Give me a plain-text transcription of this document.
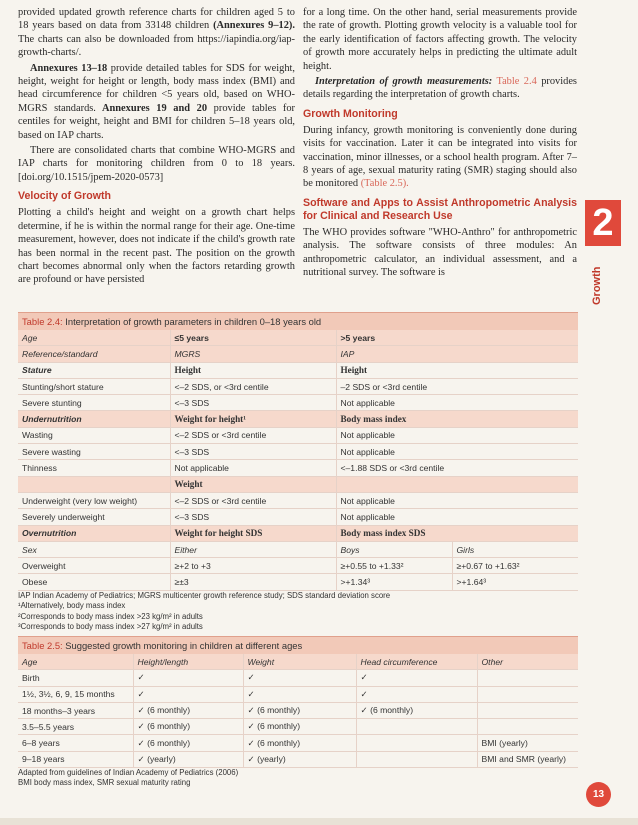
provided updated growth reference charts for children aged 5 to 18 years based on data from 33148 children (Annexures 9–12). The charts can also be downloaded from https://iapindia.org/iap-growth-charts/.

Annexures 13–18 provide detailed tables for SDS for weight, height, weight for height or length, body mass index (BMI) and head circumference for children <5 years old, based on WHO-MGRS standards. Annexures 19 and 20 provide tables for centiles for weight, height and BMI for children 5–18 years old, based on IAP charts.

There are consolidated charts that combine WHO-MGRS and IAP charts for monitoring children from 0 to 18 years. [doi.org/10.1515/jpem-2020-0573]

Velocity of Growth

Plotting a child's height and weight on a growth chart helps determine, if he is within the normal range for their age. One-time measurement, however, does not indicate if the child's growth rate has been normal in the recent past. The position on the growth chart becomes abnormal only when the factors retarding growth are profound or have persisted

for a long time. On the other hand, serial measurements provide the rate of growth. Plotting growth velocity is a valuable tool for the early identification of factors affecting growth. The velocity of growth more accurately helps in predicting the ultimate adult height.

Interpretation of growth measurements: Table 2.4 provides details regarding the interpretation of growth charts.

Growth Monitoring

During infancy, growth monitoring is conveniently done during visits for vaccination. Later it can be integrated into visits for vaccination, minor illnesses, or a school health program. After 7–8 years of age, sexual maturity rating (SMR) staging should also be monitored (Table 2.5).

Software and Apps to Assist Anthropometric Analysis for Clinical and Research Use

The WHO provides software "WHO-Anthro" for anthropometric analysis. The software consists of three modules: An anthropometric calculator, an individual assessment, and a nutritional survey. The software is

2
Growth
Table 2.4: Interpretation of growth parameters in children 0–18 years old
Age	≤5 years	>5 years	
Reference/standard	MGRS	IAP	
Stature	Height	Height	
Stunting/short stature	<–2 SDS, or <3rd centile	–2 SDS or <3rd centile	
Severe stunting	<–3 SDS	Not applicable	
Undernutrition	Weight for height¹	Body mass index	
Wasting	<–2 SDS or <3rd centile	Not applicable	
Severe wasting	<–3 SDS	Not applicable	
Thinness	Not applicable	<–1.88 SDS or <3rd centile	
	Weight		
Underweight (very low weight)	<–2 SDS or <3rd centile	Not applicable	
Severely underweight	<–3 SDS	Not applicable	
Overnutrition	Weight for height SDS	Body mass index SDS	
Sex	Either	Boys	Girls
Overweight	≥+2 to +3	≥+0.55 to +1.33²	≥+0.67 to +1.63²
Obese	≥±3	>+1.34³	>+1.64³
IAP Indian Academy of Pediatrics; MGRS multicenter growth reference study; SDS standard deviation score
¹Alternatively, body mass index
²Corresponds to body mass index >23 kg/m² in adults
³Corresponds to body mass index >27 kg/m² in adults
Table 2.5: Suggested growth monitoring in children at different ages
Age	Height/length	Weight	Head circumference	Other
Birth	✓	✓	✓	
1½, 3½, 6, 9, 15 months	✓	✓	✓	
18 months–3 years	✓ (6 monthly)	✓ (6 monthly)	✓ (6 monthly)	
3.5–5.5 years	✓ (6 monthly)	✓ (6 monthly)		
6–8 years	✓ (6 monthly)	✓ (6 monthly)		BMI (yearly)
9–18 years	✓ (yearly)	✓ (yearly)		BMI and SMR (yearly)
Adapted from guidelines of Indian Academy of Pediatrics (2006)
BMI body mass index, SMR sexual maturity rating
13
